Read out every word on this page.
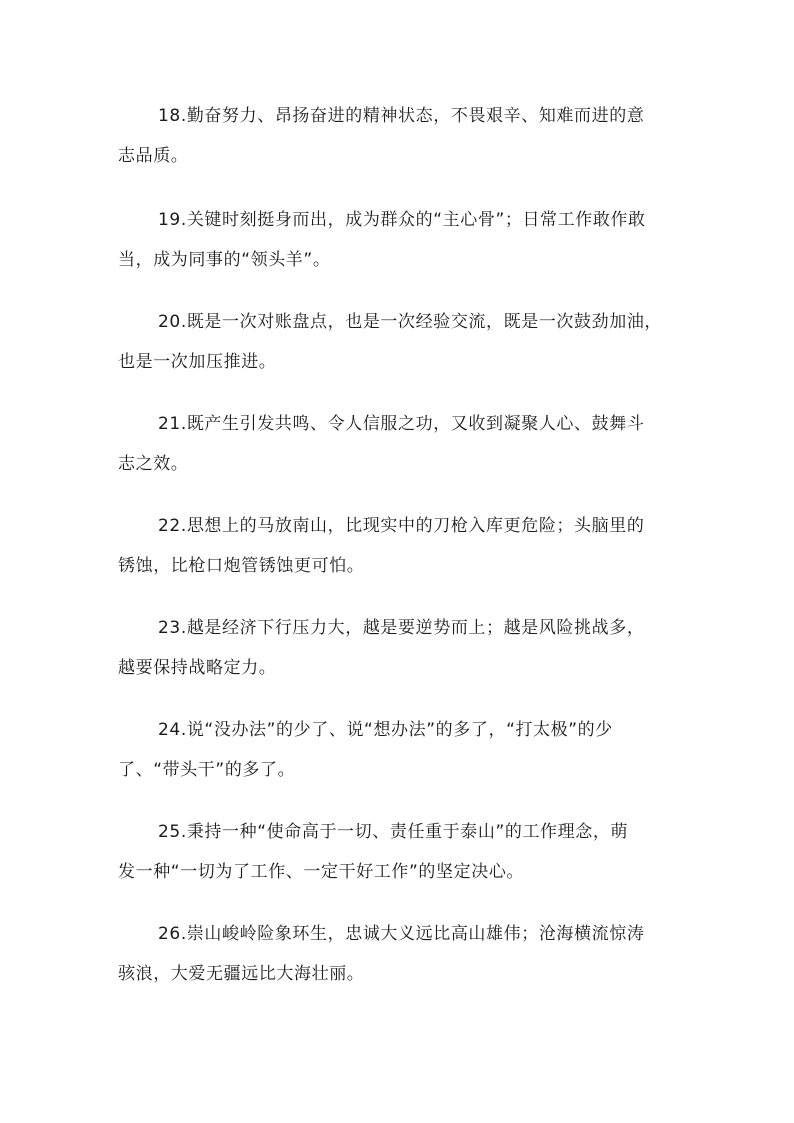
18.勤奋努力、昂扬奋进的精神状态，不畏艰辛、知难而进的意
志品质。
19.关键时刻挺身而出，成为群众的“主心骨”；日常工作敢作敢
当，成为同事的“领头羊”。
20.既是一次对账盘点，也是一次经验交流，既是一次鼓劲加油，
也是一次加压推进。
21.既产生引发共鸣、令人信服之功，又收到凝聚人心、鼓舞斗
志之效。
22.思想上的马放南山，比现实中的刀枪入库更危险；头脑里的
锈蚀，比枪口炮管锈蚀更可怕。
23.越是经济下行压力大，越是要逆势而上；越是风险挑战多，
越要保持战略定力。
24.说“没办法”的少了、说“想办法”的多了，“打太极”的少
了、“带头干”的多了。
25.秉持一种“使命高于一切、责任重于泰山”的工作理念，萌
发一种“一切为了工作、一定干好工作”的坚定决心。
26.崇山峻岭险象环生，忠诚大义远比高山雄伟；沧海横流惊涛
骇浪，大爱无疆远比大海壮丽。
